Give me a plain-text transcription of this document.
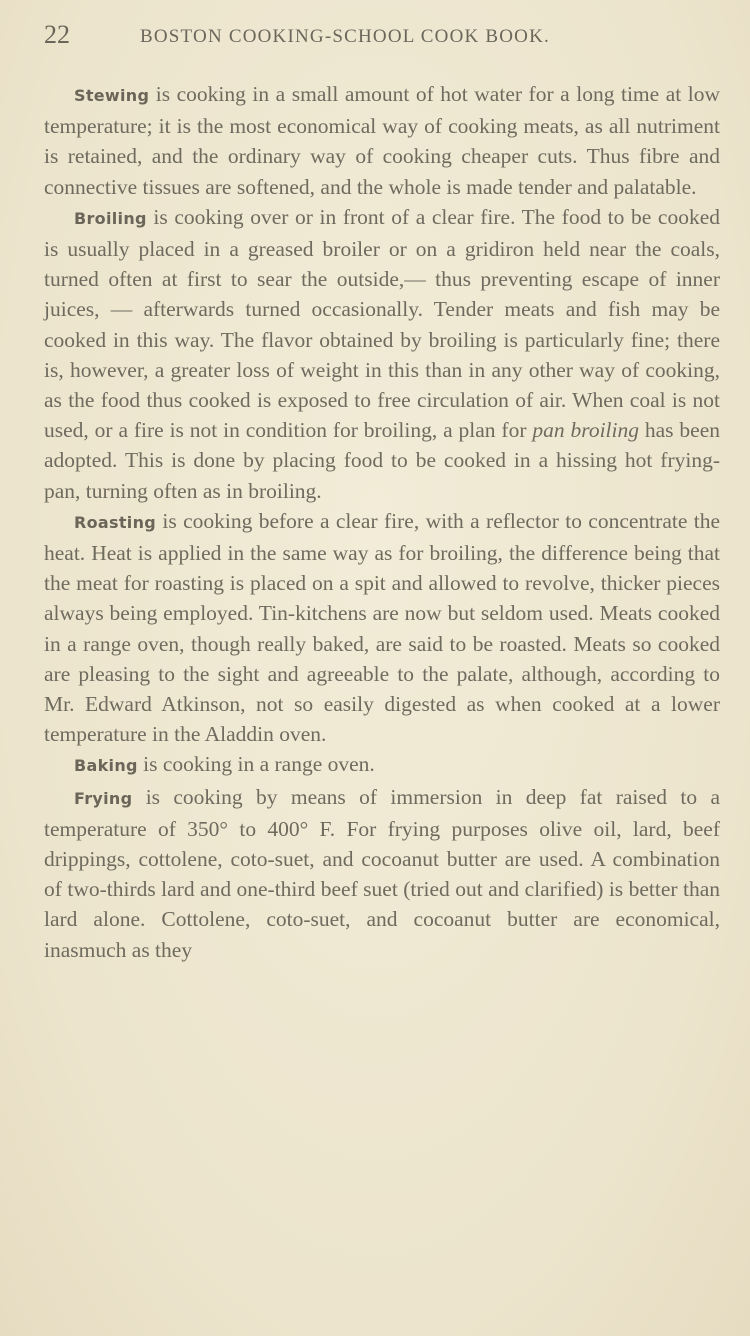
22	BOSTON COOKING-SCHOOL COOK BOOK.

Stewing is cooking in a small amount of hot water for a long time at low temperature; it is the most economical way of cooking meats, as all nutriment is retained, and the ordinary way of cooking cheaper cuts. Thus fibre and connective tissues are softened, and the whole is made tender and palatable.

Broiling is cooking over or in front of a clear fire. The food to be cooked is usually placed in a greased broiler or on a gridiron held near the coals, turned often at first to sear the outside,— thus preventing escape of inner juices, — afterwards turned occasionally. Tender meats and fish may be cooked in this way. The flavor obtained by broiling is particularly fine; there is, however, a greater loss of weight in this than in any other way of cooking, as the food thus cooked is exposed to free circulation of air. When coal is not used, or a fire is not in condition for broiling, a plan for pan broiling has been adopted. This is done by placing food to be cooked in a hissing hot frying-pan, turning often as in broiling.

Roasting is cooking before a clear fire, with a reflector to concentrate the heat. Heat is applied in the same way as for broiling, the difference being that the meat for roasting is placed on a spit and allowed to revolve, thicker pieces always being employed. Tin-kitchens are now but seldom used. Meats cooked in a range oven, though really baked, are said to be roasted. Meats so cooked are pleasing to the sight and agreeable to the palate, although, according to Mr. Edward Atkinson, not so easily digested as when cooked at a lower temperature in the Aladdin oven.

Baking is cooking in a range oven.

Frying is cooking by means of immersion in deep fat raised to a temperature of 350° to 400° F. For frying purposes olive oil, lard, beef drippings, cottolene, coto-suet, and cocoanut butter are used. A combination of two-thirds lard and one-third beef suet (tried out and clarified) is better than lard alone. Cottolene, coto-suet, and cocoanut butter are economical, inasmuch as they
